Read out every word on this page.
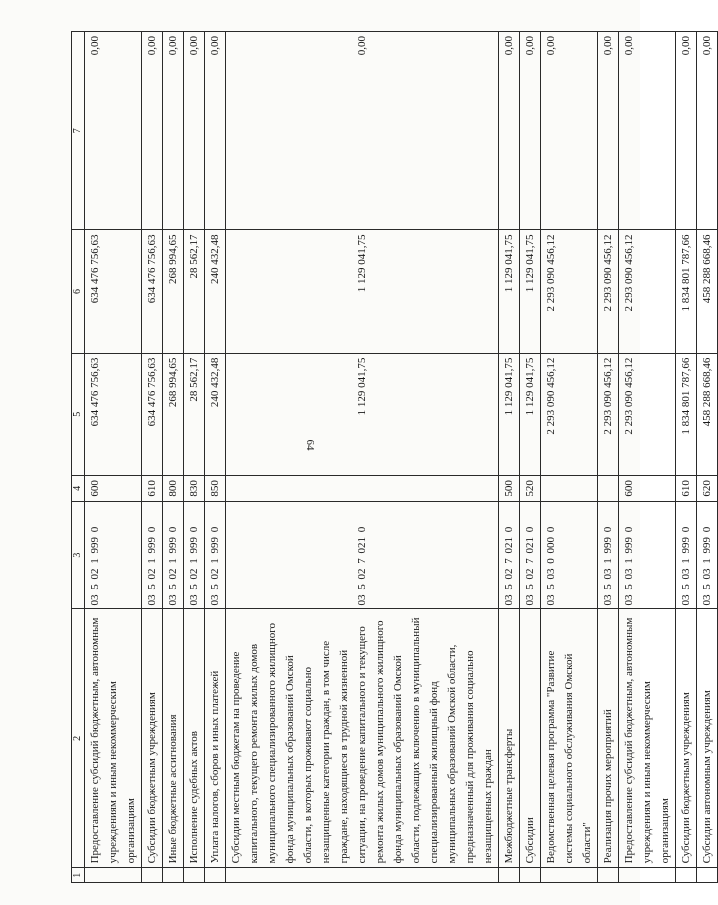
64
1	2	3	4	5	6	7
	Предоставление субсидий бюджетным, автономным учреждениям и иным некоммерческим организациям	03 5 02 1 999 0	600	634 476 756,63	634 476 756,63	0,00
	Субсидии бюджетным учреждениям	03 5 02 1 999 0	610	634 476 756,63	634 476 756,63	0,00
	Иные бюджетные ассигнования	03 5 02 1 999 0	800	268 994,65	268 994,65	0,00
	Исполнение судебных актов	03 5 02 1 999 0	830	28 562,17	28 562,17	0,00
	Уплата налогов, сборов и иных платежей	03 5 02 1 999 0	850	240 432,48	240 432,48	0,00
	Субсидии местным бюджетам на проведение капитального, текущего ремонта жилых домов муниципального специализированного жилищного фонда муниципальных образований Омской области, в которых проживают социально незащищенные категории граждан, в том числе граждане, находящиеся в трудной жизненной ситуации, на проведение капитального и текущего ремонта жилых домов муниципального жилищного фонда муниципальных образований Омской области, подлежащих включению в муниципальный специализированный жилищный фонд муниципальных образований Омской области, предназначенный для проживания социально незащищенных граждан	03 5 02 7 021 0		1 129 041,75	1 129 041,75	0,00
	Межбюджетные трансферты	03 5 02 7 021 0	500	1 129 041,75	1 129 041,75	0,00
	Субсидии	03 5 02 7 021 0	520	1 129 041,75	1 129 041,75	0,00
	Ведомственная целевая программа "Развитие системы социального обслуживания Омской области"	03 5 03 0 000 0		2 293 090 456,12	2 293 090 456,12	0,00
	Реализация прочих мероприятий	03 5 03 1 999 0		2 293 090 456,12	2 293 090 456,12	0,00
	Предоставление субсидий бюджетным, автономным учреждениям и иным некоммерческим организациям	03 5 03 1 999 0	600	2 293 090 456,12	2 293 090 456,12	0,00
	Субсидии бюджетным учреждениям	03 5 03 1 999 0	610	1 834 801 787,66	1 834 801 787,66	0,00
	Субсидии автономным учреждениям	03 5 03 1 999 0	620	458 288 668,46	458 288 668,46	0,00
